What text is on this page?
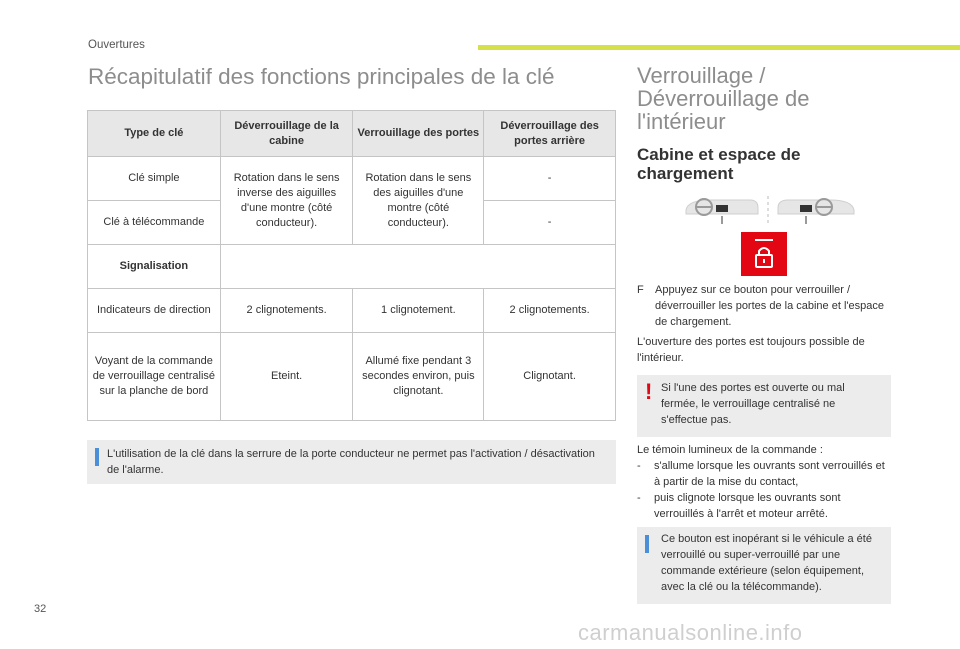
Ouvertures
Récapitulatif des fonctions principales de la clé
Type de clé	Déverrouillage de la cabine	Verrouillage des portes	Déverrouillage des portes arrière
Clé simple	Rotation dans le sens inverse des aiguilles d'une montre (côté conducteur).	Rotation dans le sens des aiguilles d'une montre (côté conducteur).	-
Clé à télécommande			-
Signalisation			
Indicateurs de direction	2 clignotements.	1 clignotement.	2 clignotements.
Voyant de la commande de verrouillage centralisé sur la planche de bord	Eteint.	Allumé fixe pendant 3 secondes environ, puis clignotant.	Clignotant.
L'utilisation de la clé dans la serrure de la porte conducteur ne permet pas l'activation / désactivation de l'alarme.
Verrouillage / Déverrouillage de l'intérieur
Cabine et espace de chargement
F	Appuyez sur ce bouton pour verrouiller / déverrouiller les portes de la cabine et l'espace de chargement.
L'ouverture des portes est toujours possible de l'intérieur.
! Si l'une des portes est ouverte ou mal fermée, le verrouillage centralisé ne s'effectue pas.
Le témoin lumineux de la commande :
- s'allume lorsque les ouvrants sont verrouillés et à partir de la mise du contact,
- puis clignote lorsque les ouvrants sont verrouillés à l'arrêt et moteur arrêté.
Ce bouton est inopérant si le véhicule a été verrouillé ou super-verrouillé par une commande extérieure (selon équipement, avec la clé ou la télécommande).
32
carmanualsonline.info
